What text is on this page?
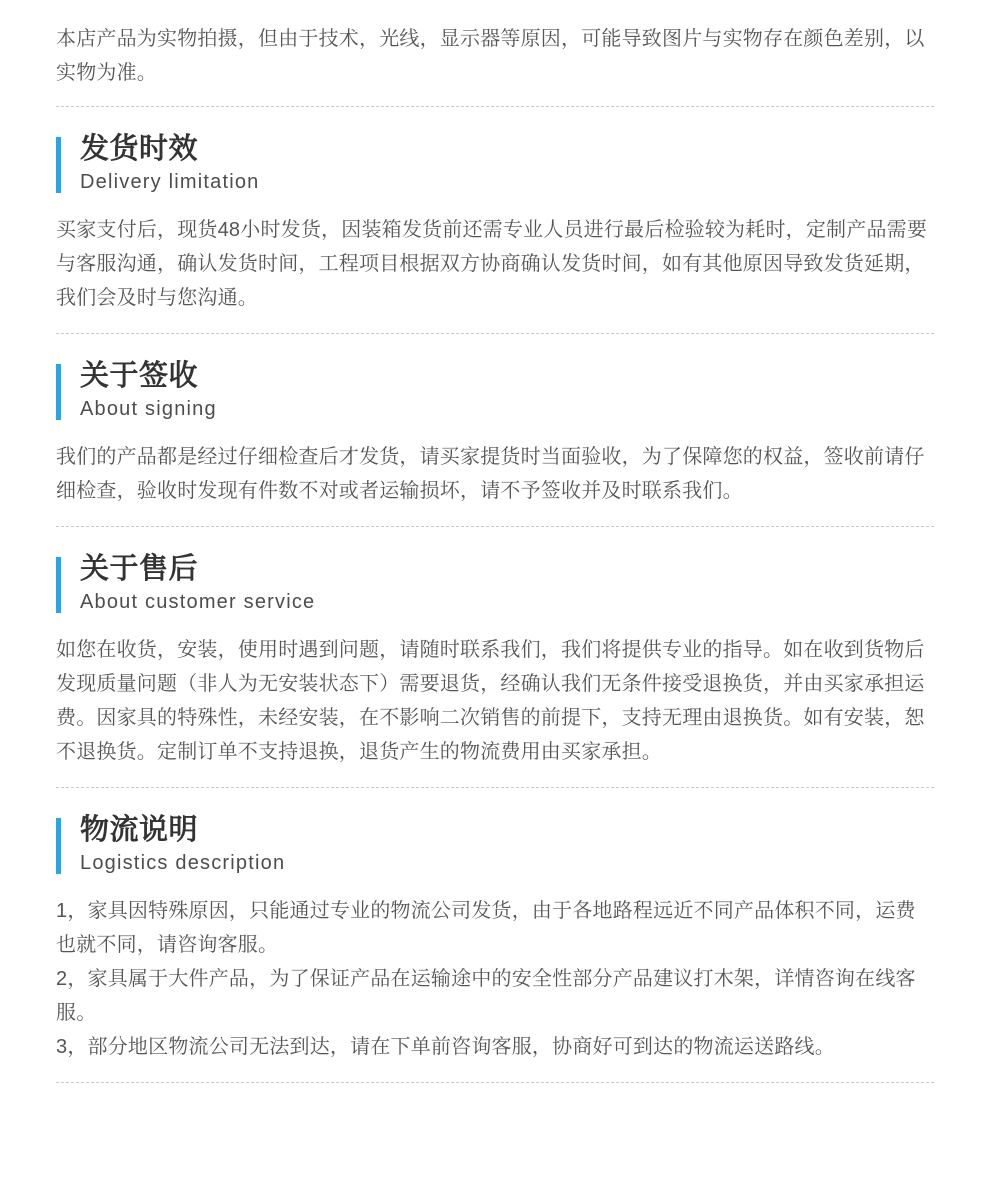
本店产品为实物拍摄，但由于技术，光线，显示器等原因，可能导致图片与实物存在颜色差别，以实物为准。
发货时效
Delivery limitation

买家支付后，现货48小时发货，因装箱发货前还需专业人员进行最后检验较为耗时，定制产品需要与客服沟通，确认发货时间，工程项目根据双方协商确认发货时间，如有其他原因导致发货延期，我们会及时与您沟通。

关于签收
About signing

我们的产品都是经过仔细检查后才发货，请买家提货时当面验收，为了保障您的权益，签收前请仔细检查，验收时发现有件数不对或者运输损坏，请不予签收并及时联系我们。

关于售后
About customer service

如您在收货，安装，使用时遇到问题，请随时联系我们，我们将提供专业的指导。如在收到货物后发现质量问题（非人为无安装状态下）需要退货，经确认我们无条件接受退换货，并由买家承担运费。因家具的特殊性，未经安装，在不影响二次销售的前提下，支持无理由退换货。如有安装，恕不退换货。定制订单不支持退换，退货产生的物流费用由买家承担。

物流说明
Logistics description

1，家具因特殊原因，只能通过专业的物流公司发货，由于各地路程远近不同产品体积不同，运费也就不同，请咨询客服。

2，家具属于大件产品，为了保证产品在运输途中的安全性部分产品建议打木架，详情咨询在线客服。

3，部分地区物流公司无法到达，请在下单前咨询客服，协商好可到达的物流运送路线。
